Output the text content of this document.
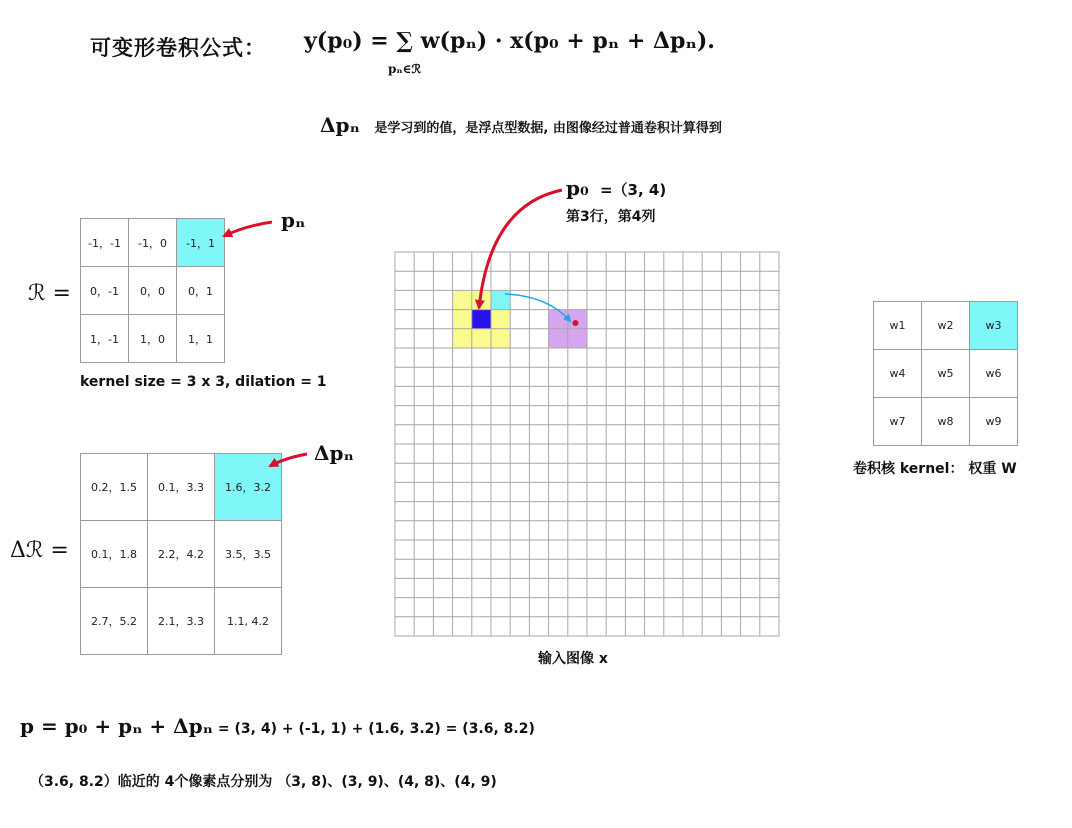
可变形卷积公式： y(p₀) = ∑ w(pₙ) · x(p₀ + pₙ + Δpₙ).
pₙ∈ℛ
Δpₙ 是学习到的值，是浮点型数据, 由图像经过普通卷积计算得到
ℛ =
-1，-1	-1，0	-1，1
0，-1	0，0	0，1
1，-1	1，0	1，1
pₙ
kernel size = 3 x 3, dilation = 1
Δℛ =
0.2，1.5	0.1，3.3	1.6，3.2
0.1，1.8	2.2，4.2	3.5，3.5
2.7，5.2	2.1，3.3	1.1, 4.2
Δpₙ
w1	w2	w3
w4	w5	w6
w7	w8	w9
卷积核 kernel： 权重 W
输入图像 x
p₀ =（3, 4)
第3行，第4列
p = p₀ + pₙ + Δpₙ = (3, 4) + (-1, 1) + (1.6, 3.2) = (3.6, 8.2)
（3.6, 8.2）临近的 4个像素点分别为 （3, 8)、(3, 9)、(4, 8)、(4, 9)
